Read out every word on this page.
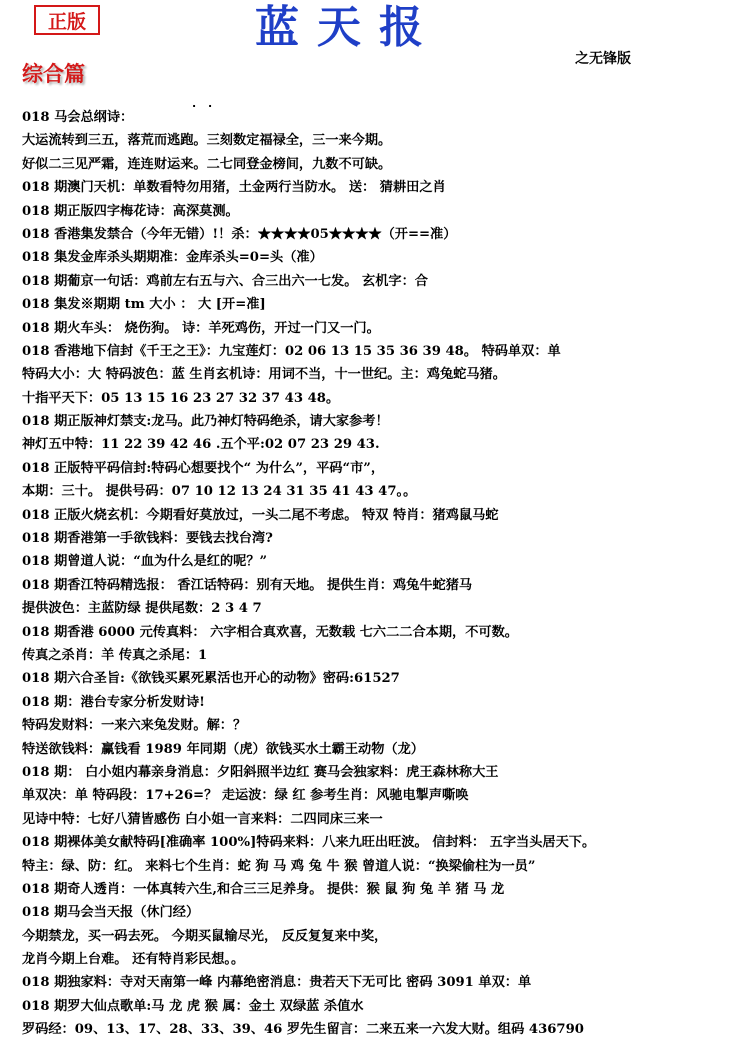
正版	蓝天报
之无锋版
综合篇
. .
018 马会总纲诗：
大运流转到三五，落荒而逃跑。三刻数定福禄全，三一来今期。
好似二三见严霜，连连财运来。二七同登金榜间，九数不可缺。
018 期澳门天机：单数看特勿用猪，土金两行当防水。 送： 猜耕田之肖
018 期正版四字梅花诗：高深莫测。
018 香港集发禁合（今年无错）!！杀：★★★★05★★★★（开==准）
018 集发金库杀头期期准：金库杀头=0=头（准）
018 期葡京一句话：鸡前左右五与六、合三出六一七发。 玄机字：合
018 集发※期期 tm 大小 ： 大 [开=准]
018 期火车头： 烧伤狗。 诗：羊死鸡伤，开过一门又一门。
018 香港地下信封《千王之王》：九宝莲灯：02 06 13 15 35 36 39 48。 特码单双：单
特码大小：大 特码波色：蓝 生肖玄机诗：用词不当，十一世纪。主：鸡兔蛇马猪。
十指平天下：05 13 15 16 23 27 32 37 43 48。
018 期正版神灯禁支:龙马。此乃神灯特码绝杀，请大家参考！
神灯五中特：11 22 39 42 46 .五个平:02 07 23 29 43.
018 正版特平码信封:特码心想要找个“ 为什么”，平码“市”，
本期：三十。 提供号码：07 10 12 13 24 31 35 41 43 47。。
018 正版火烧玄机：今期看好莫放过，一头二尾不考虑。 特双 特肖：猪鸡鼠马蛇
018 期香港第一手欲钱料：要钱去找台湾?
018 期曾道人说：“血为什么是红的呢？”
018 期香江特码精选报： 香江话特码：别有天地。 提供生肖：鸡兔牛蛇猪马
提供波色：主蓝防绿 提供尾数：2 3 4 7
018 期香港 6000 元传真料： 六字相合真欢喜，无数载 七六二二合本期，不可数。
传真之杀肖：羊 传真之杀尾：1
018 期六合圣旨:《欲钱买累死累活也开心的动物》密码:61527
018 期：港台专家分析发财诗!
特码发财料：一来六来兔发财。解：？
特送欲钱料：赢钱看 1989 年同期（虎）欲钱买水土霸王动物（龙）
018 期： 白小姐内幕亲身消息：夕阳斜照半边红 赛马会独家料：虎王森林称大王
单双决：单 特码段：17+26=？ 走运波：绿 红 参考生肖：风驰电掣声嘶唤
见诗中特：七好八猜皆感伤 白小姐一言来料：二四同床三来一
018 期裸体美女献特码[准确率 100%]特码来料：八来九旺出旺波。 信封料： 五字当头居天下。
特主：绿、防：红。 来料七个生肖：蛇 狗 马 鸡 兔 牛 猴 曾道人说：“换梁偷柱为一员”
018 期奇人透肖：一体真转六生,和合三三足养身。 提供：猴 鼠 狗 兔 羊 猪 马 龙
018 期马会当天报（休门经）
今期禁龙，买一码去死。 今期买鼠输尽光， 反反复复来中奖，
龙肖今期上台难。 还有特肖彩民想。。
018 期独家料：寺对天南第一峰 内幕绝密消息：贵若天下无可比 密码 3091 单双：单
018 期罗大仙点歌单:马 龙 虎 猴 属：金土 双绿蓝 杀值水
罗码经：09、13、17、28、33、39、46 罗先生留言：二来五来一六发大财。组码 436790
